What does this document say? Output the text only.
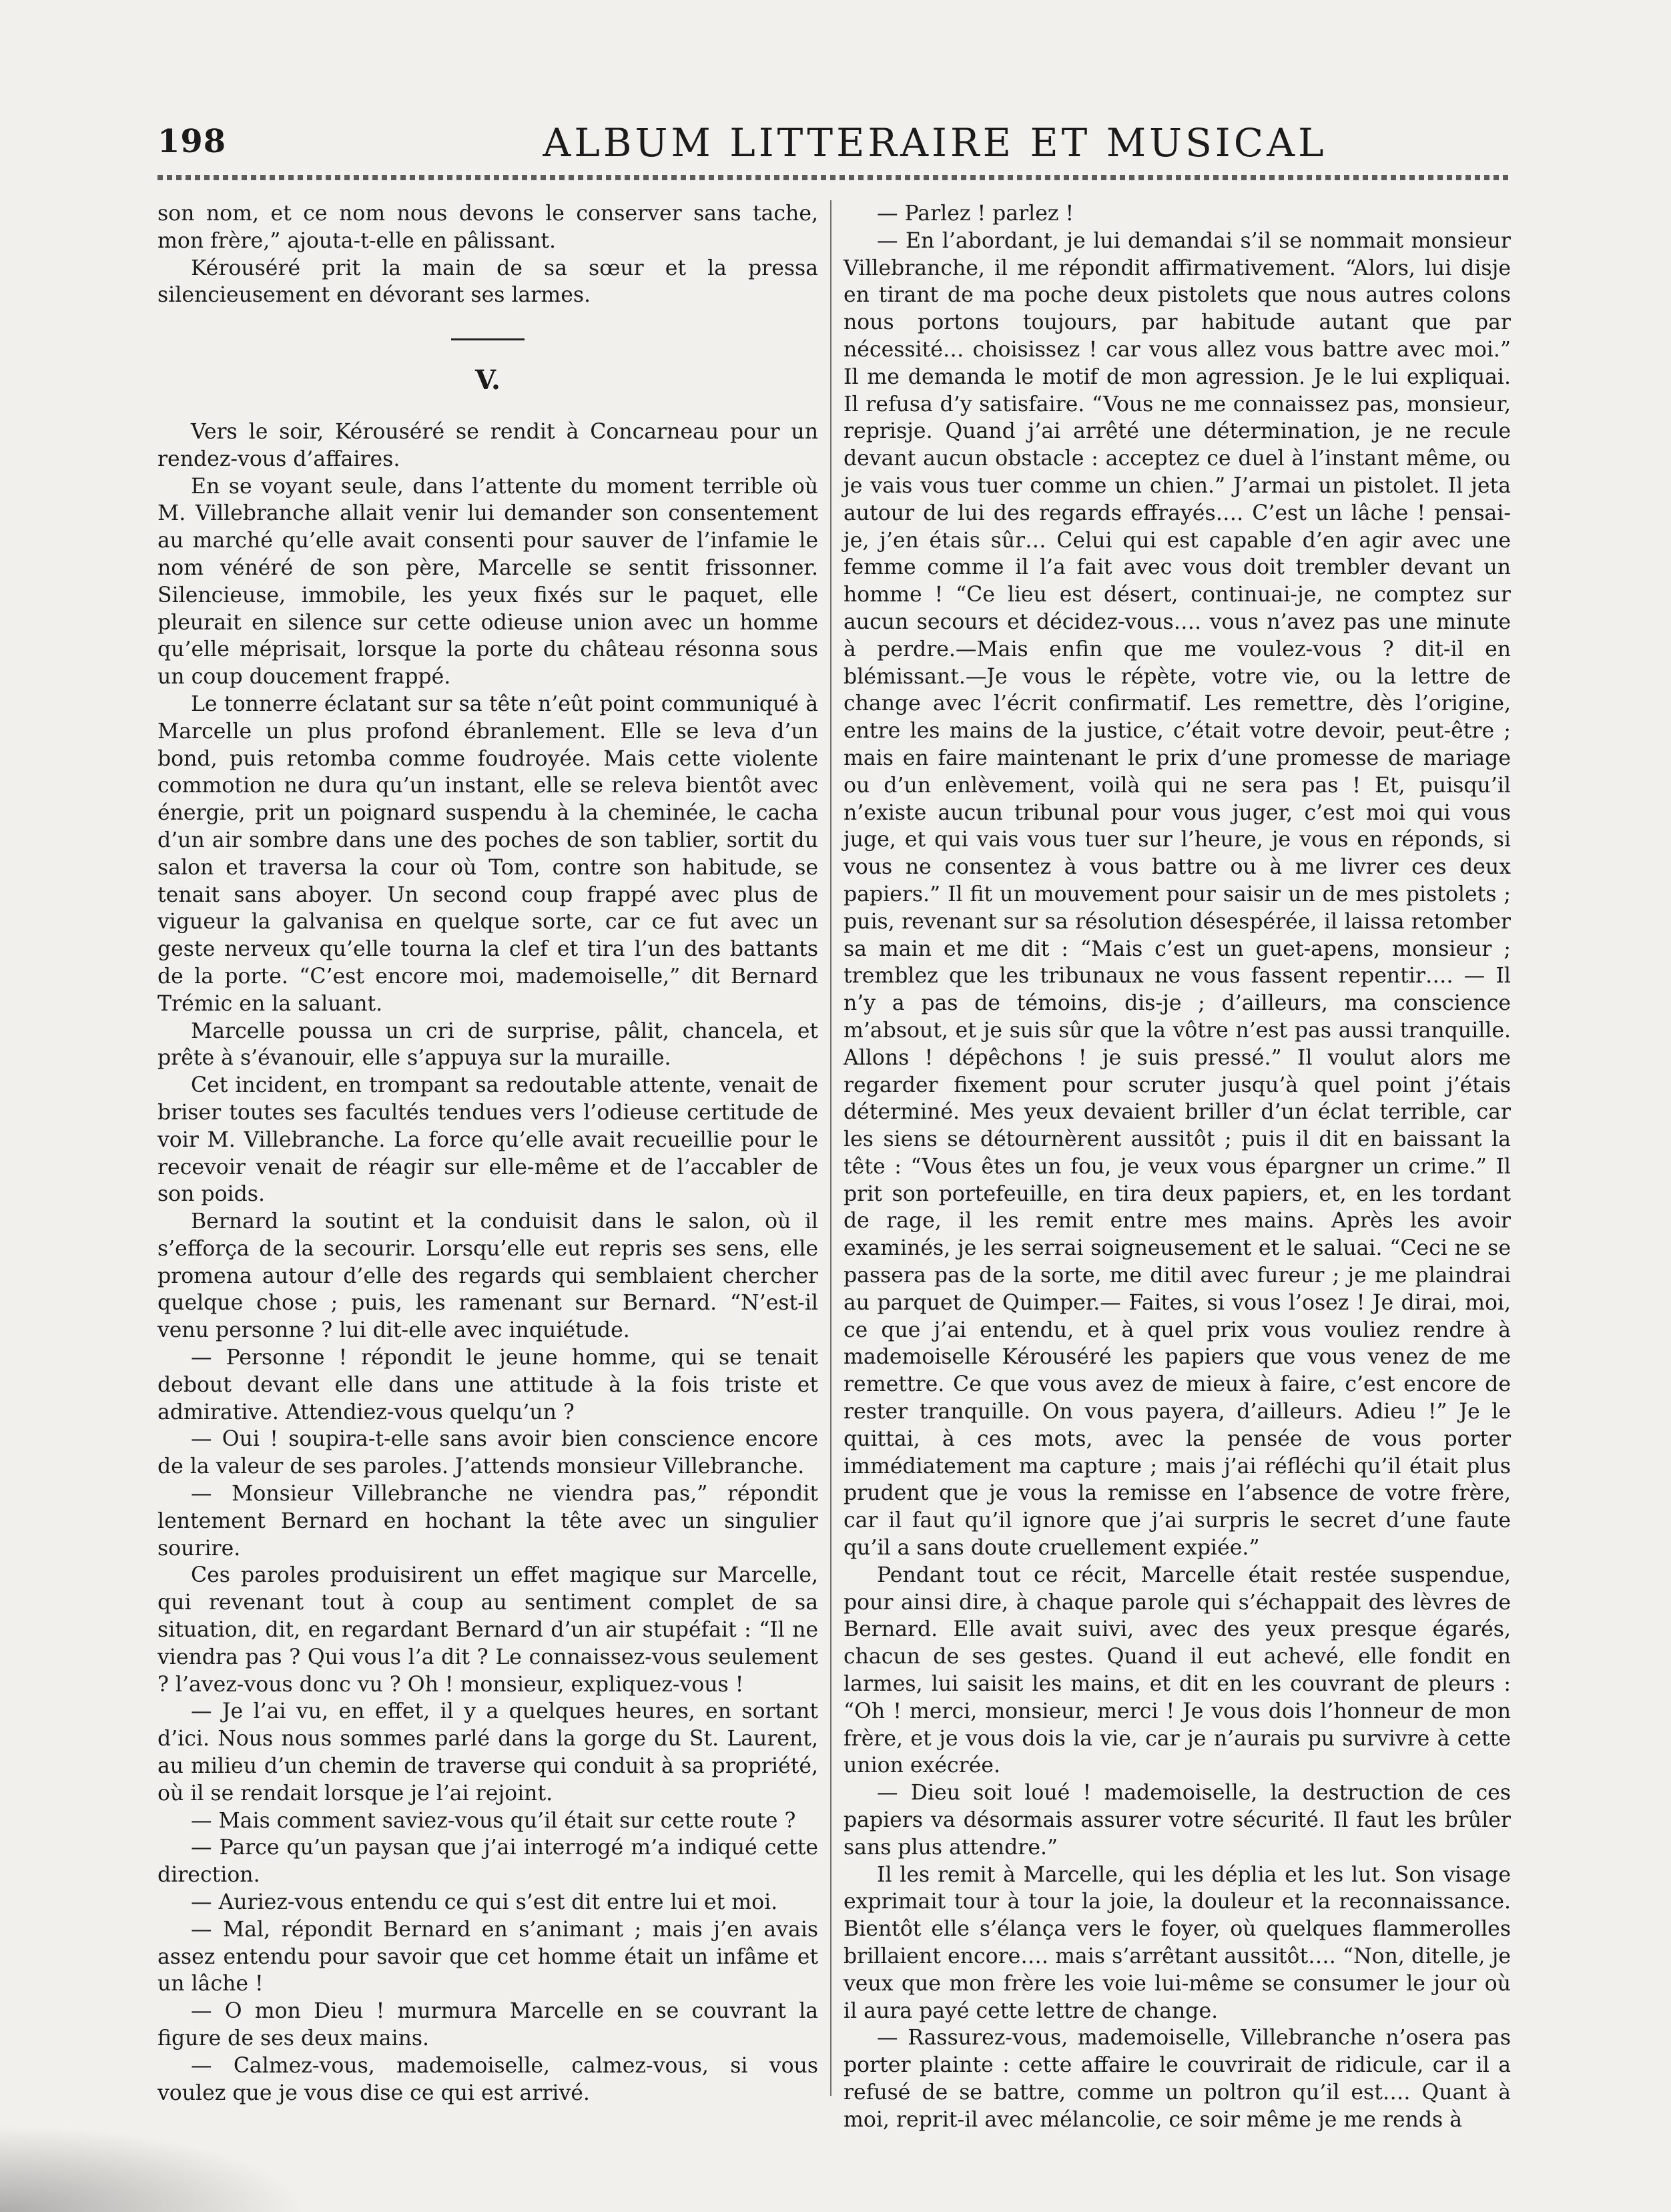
198	ALBUM LITTERAIRE ET MUSICAL

son nom, et ce nom nous devons le conserver sans tache, mon frère,” ajouta-t-elle en pâlissant.

Kérouséré prit la main de sa sœur et la pressa silencieusement en dévorant ses larmes.

V.

Vers le soir, Kérouséré se rendit à Concarneau pour un rendez-vous d’affaires.

En se voyant seule, dans l’attente du moment terrible où M. Villebranche allait venir lui demander son consentement au marché qu’elle avait consenti pour sauver de l’infamie le nom vénéré de son père, Marcelle se sentit frissonner. Silencieuse, immobile, les yeux fixés sur le paquet, elle pleurait en silence sur cette odieuse union avec un homme qu’elle méprisait, lorsque la porte du château résonna sous un coup doucement frappé.

Le tonnerre éclatant sur sa tête n’eût point communiqué à Marcelle un plus profond ébranlement. Elle se leva d’un bond, puis retomba comme foudroyée. Mais cette violente commotion ne dura qu’un instant, elle se releva bientôt avec énergie, prit un poignard suspendu à la cheminée, le cacha d’un air sombre dans une des poches de son tablier, sortit du salon et traversa la cour où Tom, contre son habitude, se tenait sans aboyer. Un second coup frappé avec plus de vigueur la galvanisa en quelque sorte, car ce fut avec un geste nerveux qu’elle tourna la clef et tira l’un des battants de la porte. “C’est encore moi, mademoiselle,” dit Bernard Trémic en la saluant.

Marcelle poussa un cri de surprise, pâlit, chancela, et prête à s’évanouir, elle s’appuya sur la muraille.

Cet incident, en trompant sa redoutable attente, venait de briser toutes ses facultés tendues vers l’odieuse certitude de voir M. Villebranche. La force qu’elle avait recueillie pour le recevoir venait de réagir sur elle-même et de l’accabler de son poids.

Bernard la soutint et la conduisit dans le salon, où il s’efforça de la secourir. Lorsqu’elle eut repris ses sens, elle promena autour d’elle des regards qui semblaient chercher quelque chose ; puis, les ramenant sur Bernard. “N’est-il venu personne ? lui dit-elle avec inquiétude.

— Personne ! répondit le jeune homme, qui se tenait debout devant elle dans une attitude à la fois triste et admirative. Attendiez-vous quelqu’un ?

— Oui ! soupira-t-elle sans avoir bien conscience encore de la valeur de ses paroles. J’attends monsieur Villebranche.

— Monsieur Villebranche ne viendra pas,” répondit lentement Bernard en hochant la tête avec un singulier sourire.

Ces paroles produisirent un effet magique sur Marcelle, qui revenant tout à coup au sentiment complet de sa situation, dit, en regardant Bernard d’un air stupéfait : “Il ne viendra pas ? Qui vous l’a dit ? Le connaissez-vous seulement ? l’avez-vous donc vu ? Oh ! monsieur, expliquez-vous !

— Je l’ai vu, en effet, il y a quelques heures, en sortant d’ici. Nous nous sommes parlé dans la gorge du St. Laurent, au milieu d’un chemin de traverse qui conduit à sa propriété, où il se rendait lorsque je l’ai rejoint.

— Mais comment saviez-vous qu’il était sur cette route ?

— Parce qu’un paysan que j’ai interrogé m’a indiqué cette direction.

— Auriez-vous entendu ce qui s’est dit entre lui et moi.

— Mal, répondit Bernard en s’animant ; mais j’en avais assez entendu pour savoir que cet homme était un infâme et un lâche !

— O mon Dieu ! murmura Marcelle en se couvrant la figure de ses deux mains.

— Calmez-vous, mademoiselle, calmez-vous, si vous voulez que je vous dise ce qui est arrivé.

— Parlez ! parlez !

— En l’abordant, je lui demandai s’il se nommait monsieur Villebranche, il me répondit affirmativement. “Alors, lui disje en tirant de ma poche deux pistolets que nous autres colons nous portons toujours, par habitude autant que par nécessité… choisissez ! car vous allez vous battre avec moi.” Il me demanda le motif de mon agression. Je le lui expliquai. Il refusa d’y satisfaire. “Vous ne me connaissez pas, monsieur, reprisje. Quand j’ai arrêté une détermination, je ne recule devant aucun obstacle : acceptez ce duel à l’instant même, ou je vais vous tuer comme un chien.” J’armai un pistolet. Il jeta autour de lui des regards effrayés…. C’est un lâche ! pensai-je, j’en étais sûr… Celui qui est capable d’en agir avec une femme comme il l’a fait avec vous doit trembler devant un homme ! “Ce lieu est désert, continuai-je, ne comptez sur aucun secours et décidez-vous…. vous n’avez pas une minute à perdre.—Mais enfin que me voulez-vous ? dit-il en blémissant.—Je vous le répète, votre vie, ou la lettre de change avec l’écrit confirmatif. Les remettre, dès l’origine, entre les mains de la justice, c’était votre devoir, peut-être ; mais en faire maintenant le prix d’une promesse de mariage ou d’un enlèvement, voilà qui ne sera pas ! Et, puisqu’il n’existe aucun tribunal pour vous juger, c’est moi qui vous juge, et qui vais vous tuer sur l’heure, je vous en réponds, si vous ne consentez à vous battre ou à me livrer ces deux papiers.” Il fit un mouvement pour saisir un de mes pistolets ; puis, revenant sur sa résolution désespérée, il laissa retomber sa main et me dit : “Mais c’est un guet-apens, monsieur ; tremblez que les tribunaux ne vous fassent repentir…. — Il n’y a pas de témoins, dis-je ; d’ailleurs, ma conscience m’absout, et je suis sûr que la vôtre n’est pas aussi tranquille. Allons ! dépêchons ! je suis pressé.” Il voulut alors me regarder fixement pour scruter jusqu’à quel point j’étais déterminé. Mes yeux devaient briller d’un éclat terrible, car les siens se détournèrent aussitôt ; puis il dit en baissant la tête : “Vous êtes un fou, je veux vous épargner un crime.” Il prit son portefeuille, en tira deux papiers, et, en les tordant de rage, il les remit entre mes mains. Après les avoir examinés, je les serrai soigneusement et le saluai. “Ceci ne se passera pas de la sorte, me ditil avec fureur ; je me plaindrai au parquet de Quimper.— Faites, si vous l’osez ! Je dirai, moi, ce que j’ai entendu, et à quel prix vous vouliez rendre à mademoiselle Kérouséré les papiers que vous venez de me remettre. Ce que vous avez de mieux à faire, c’est encore de rester tranquille. On vous payera, d’ailleurs. Adieu !” Je le quittai, à ces mots, avec la pensée de vous porter immédiatement ma capture ; mais j’ai réfléchi qu’il était plus prudent que je vous la remisse en l’absence de votre frère, car il faut qu’il ignore que j’ai surpris le secret d’une faute qu’il a sans doute cruellement expiée.”

Pendant tout ce récit, Marcelle était restée suspendue, pour ainsi dire, à chaque parole qui s’échappait des lèvres de Bernard. Elle avait suivi, avec des yeux presque égarés, chacun de ses gestes. Quand il eut achevé, elle fondit en larmes, lui saisit les mains, et dit en les couvrant de pleurs : “Oh ! merci, monsieur, merci ! Je vous dois l’honneur de mon frère, et je vous dois la vie, car je n’aurais pu survivre à cette union exécrée.

— Dieu soit loué ! mademoiselle, la destruction de ces papiers va désormais assurer votre sécurité. Il faut les brûler sans plus attendre.”

Il les remit à Marcelle, qui les déplia et les lut. Son visage exprimait tour à tour la joie, la douleur et la reconnaissance. Bientôt elle s’élança vers le foyer, où quelques flammerolles brillaient encore…. mais s’arrêtant aussitôt…. “Non, ditelle, je veux que mon frère les voie lui-même se consumer le jour où il aura payé cette lettre de change.

— Rassurez-vous, mademoiselle, Villebranche n’osera pas porter plainte : cette affaire le couvrirait de ridicule, car il a refusé de se battre, comme un poltron qu’il est…. Quant à moi, reprit-il avec mélancolie, ce soir même je me rends à
